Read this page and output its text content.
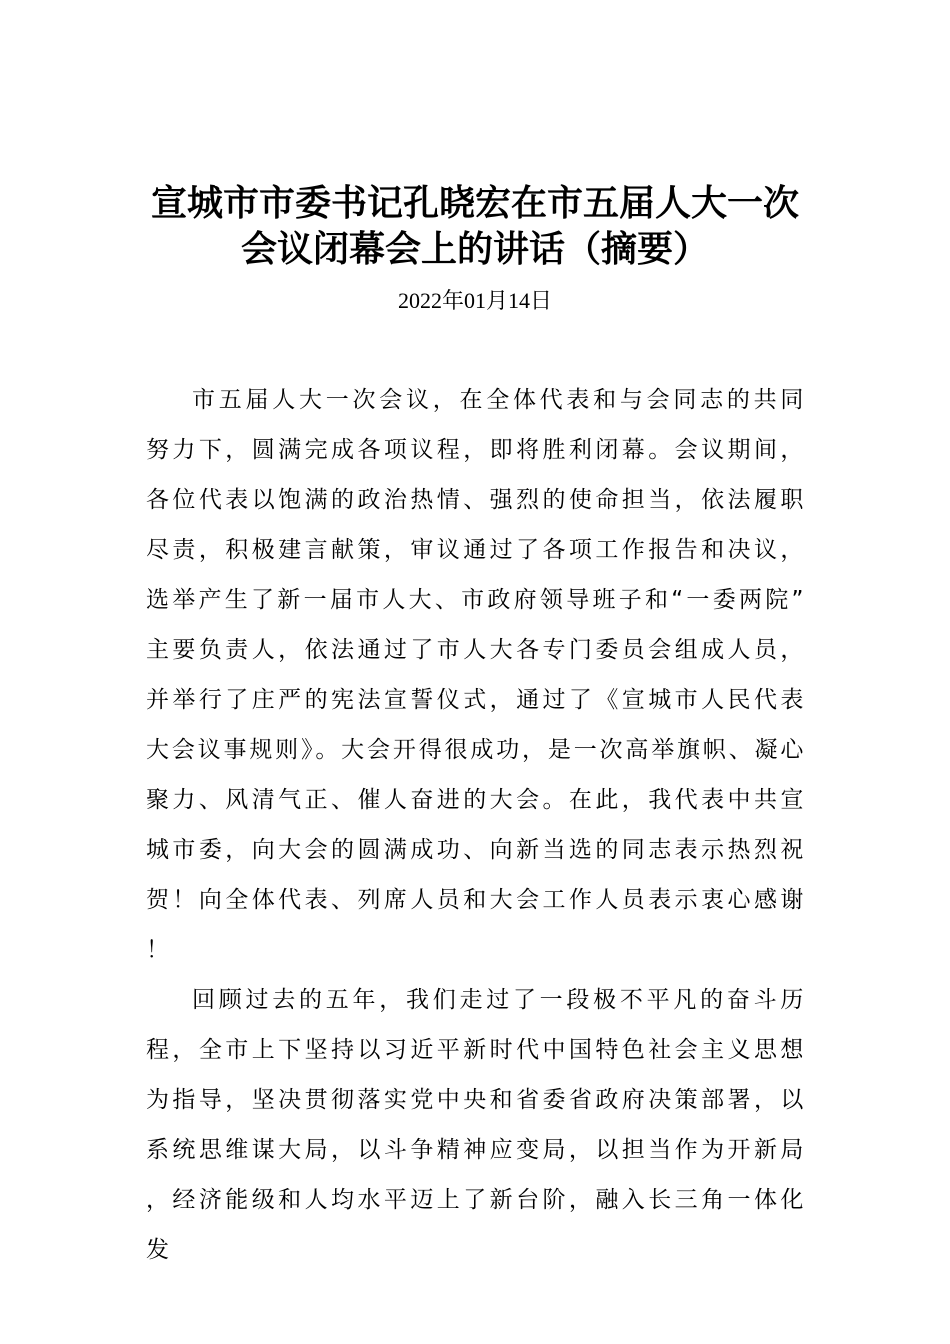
宣城市市委书记孔晓宏在市五届人大一次
会议闭幕会上的讲话（摘要）

2022年01月14日

市五届人大一次会议，在全体代表和与会同志的共同努力下，圆满完成各项议程，即将胜利闭幕。会议期间，各位代表以饱满的政治热情、强烈的使命担当，依法履职尽责，积极建言献策，审议通过了各项工作报告和决议，选举产生了新一届市人大、市政府领导班子和“一委两院”主要负责人，依法通过了市人大各专门委员会组成人员，并举行了庄严的宪法宣誓仪式，通过了《宣城市人民代表大会议事规则》。大会开得很成功，是一次高举旗帜、凝心聚力、风清气正、催人奋进的大会。在此，我代表中共宣城市委，向大会的圆满成功、向新当选的同志表示热烈祝贺！向全体代表、列席人员和大会工作人员表示衷心感谢！

回顾过去的五年，我们走过了一段极不平凡的奋斗历程，全市上下坚持以习近平新时代中国特色社会主义思想为指导，坚决贯彻落实党中央和省委省政府决策部署，以系统思维谋大局，以斗争精神应变局，以担当作为开新局，经济能级和人均水平迈上了新台阶，融入长三角一体化发
